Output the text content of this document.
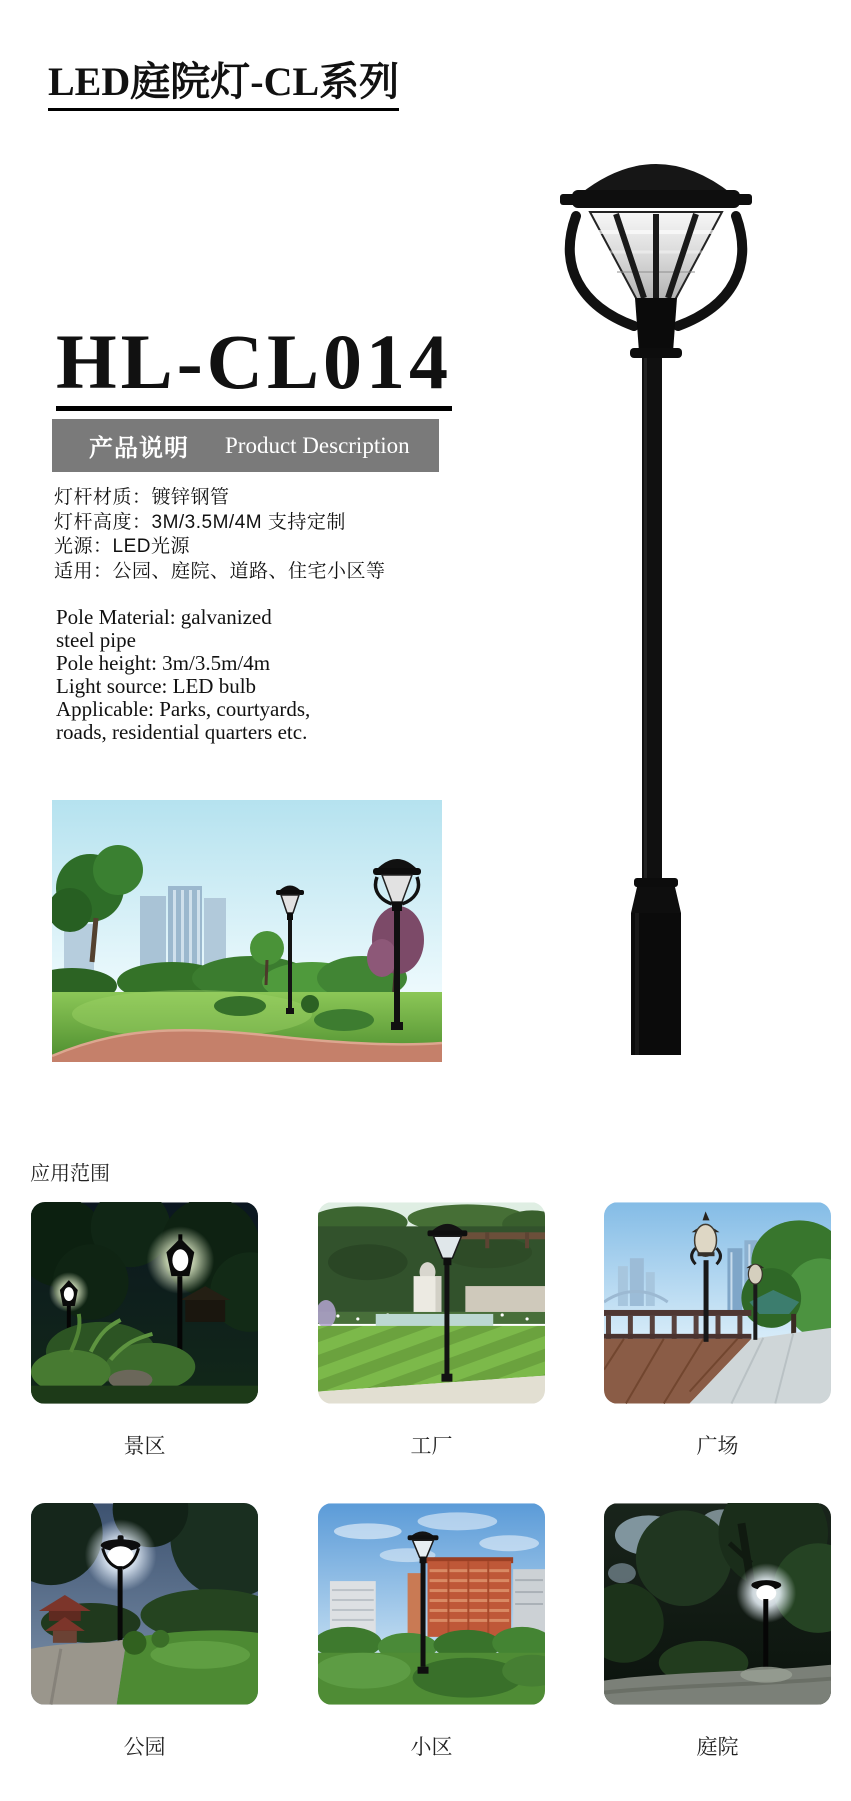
LED庭院灯-CL系列
HL-CL014
产品说明 Product Description
灯杆材质：镀锌钢管
灯杆高度：3M/3.5M/4M 支持定制
光源：LED光源
适用：公园、庭院、道路、住宅小区等
Pole Material: galvanized
steel pipe
Pole height: 3m/3.5m/4m
Light source: LED bulb
Applicable: Parks, courtyards,
roads, residential quarters etc.
应用范围
景区	工厂	广场
公园	小区	庭院
